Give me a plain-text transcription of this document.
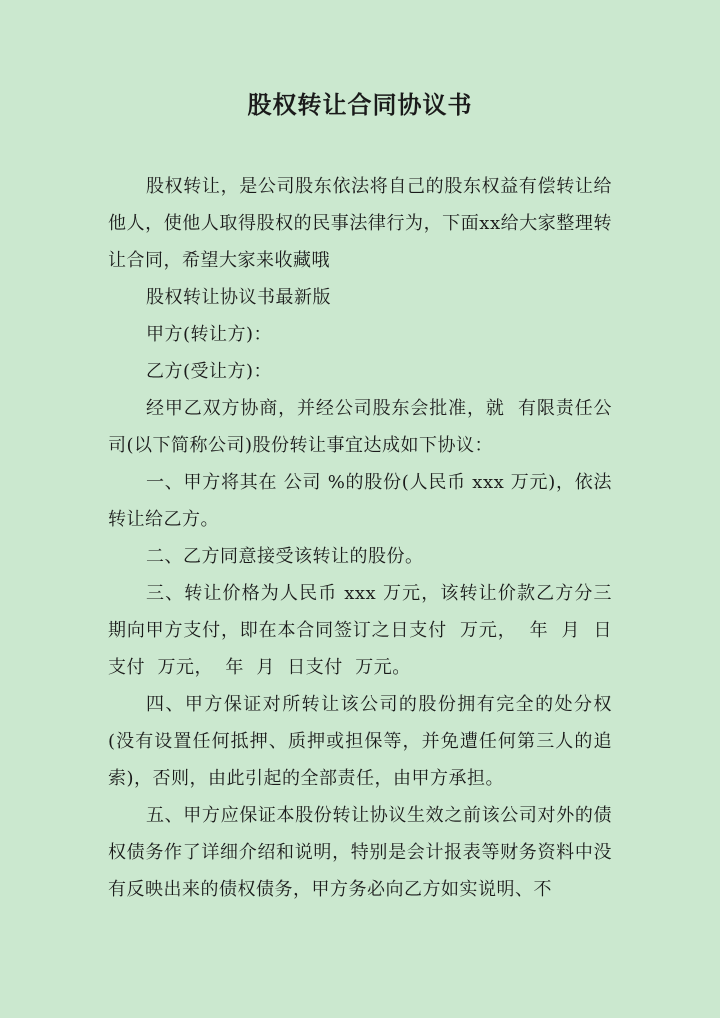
股权转让合同协议书

股权转让，是公司股东依法将自己的股东权益有偿转让给他人，使他人取得股权的民事法律行为，下面xx给大家整理转让合同，希望大家来收藏哦

股权转让协议书最新版

甲方(转让方)：

乙方(受让方)：

经甲乙双方协商，并经公司股东会批准，就  有限责任公司(以下简称公司)股份转让事宜达成如下协议：

一、甲方将其在 公司 %的股份(人民币 xxx 万元)，依法转让给乙方。

二、乙方同意接受该转让的股份。

三、转让价格为人民币 xxx 万元，该转让价款乙方分三期向甲方支付，即在本合同签订之日支付  万元，  年  月  日支付  万元，  年  月  日支付  万元。

四、甲方保证对所转让该公司的股份拥有完全的处分权(没有设置任何抵押、质押或担保等，并免遭任何第三人的追索)，否则，由此引起的全部责任，由甲方承担。

五、甲方应保证本股份转让协议生效之前该公司对外的债权债务作了详细介绍和说明，特别是会计报表等财务资料中没有反映出来的债权债务，甲方务必向乙方如实说明、不
